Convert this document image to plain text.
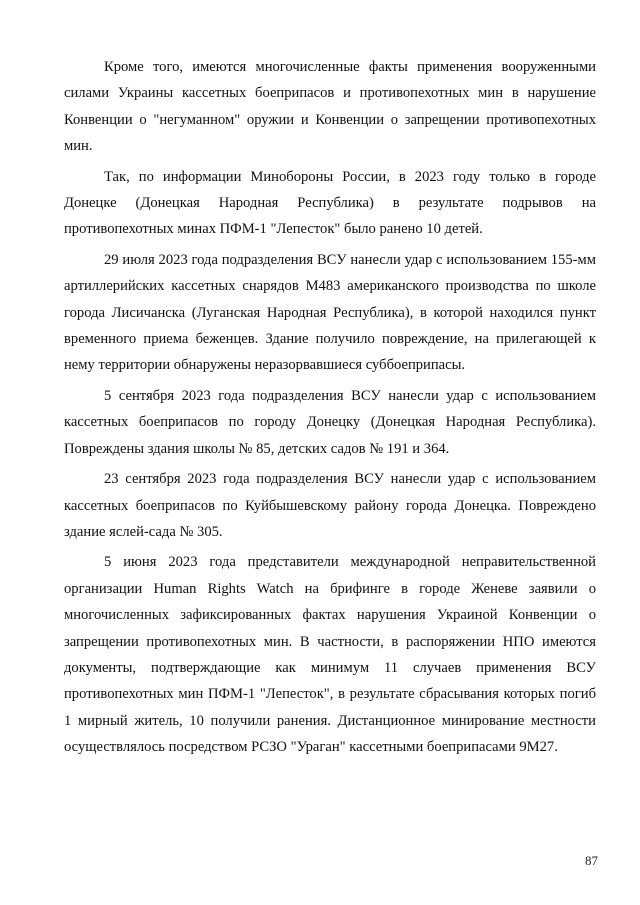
Кроме того, имеются многочисленные факты применения вооруженными силами Украины кассетных боеприпасов и противопехотных мин в нарушение Конвенции о "негуманном" оружии и Конвенции о запрещении противопехотных мин.

Так, по информации Минобороны России, в 2023 году только в городе Донецке (Донецкая Народная Республика) в результате подрывов на противопехотных минах ПФМ-1 "Лепесток" было ранено 10 детей.

29 июля 2023 года подразделения ВСУ нанесли удар с использованием 155-мм артиллерийских кассетных снарядов М483 американского производства по школе города Лисичанска (Луганская Народная Республика), в которой находился пункт временного приема беженцев. Здание получило повреждение, на прилегающей к нему территории обнаружены неразорвавшиеся суббоеприпасы.

5 сентября 2023 года подразделения ВСУ нанесли удар с использованием кассетных боеприпасов по городу Донецку (Донецкая Народная Республика). Повреждены здания школы № 85, детских садов № 191 и 364.

23 сентября 2023 года подразделения ВСУ нанесли удар с использованием кассетных боеприпасов по Куйбышевскому району города Донецка. Повреждено здание яслей-сада № 305.

5 июня 2023 года представители международной неправительственной организации Human Rights Watch на брифинге в городе Женеве заявили о многочисленных зафиксированных фактах нарушения Украиной Конвенции о запрещении противопехотных мин. В частности, в распоряжении НПО имеются документы, подтверждающие как минимум 11 случаев применения ВСУ противопехотных мин ПФМ-1 "Лепесток", в результате сбрасывания которых погиб 1 мирный житель, 10 получили ранения. Дистанционное минирование местности осуществлялось посредством РСЗО "Ураган" кассетными боеприпасами 9М27.

87
